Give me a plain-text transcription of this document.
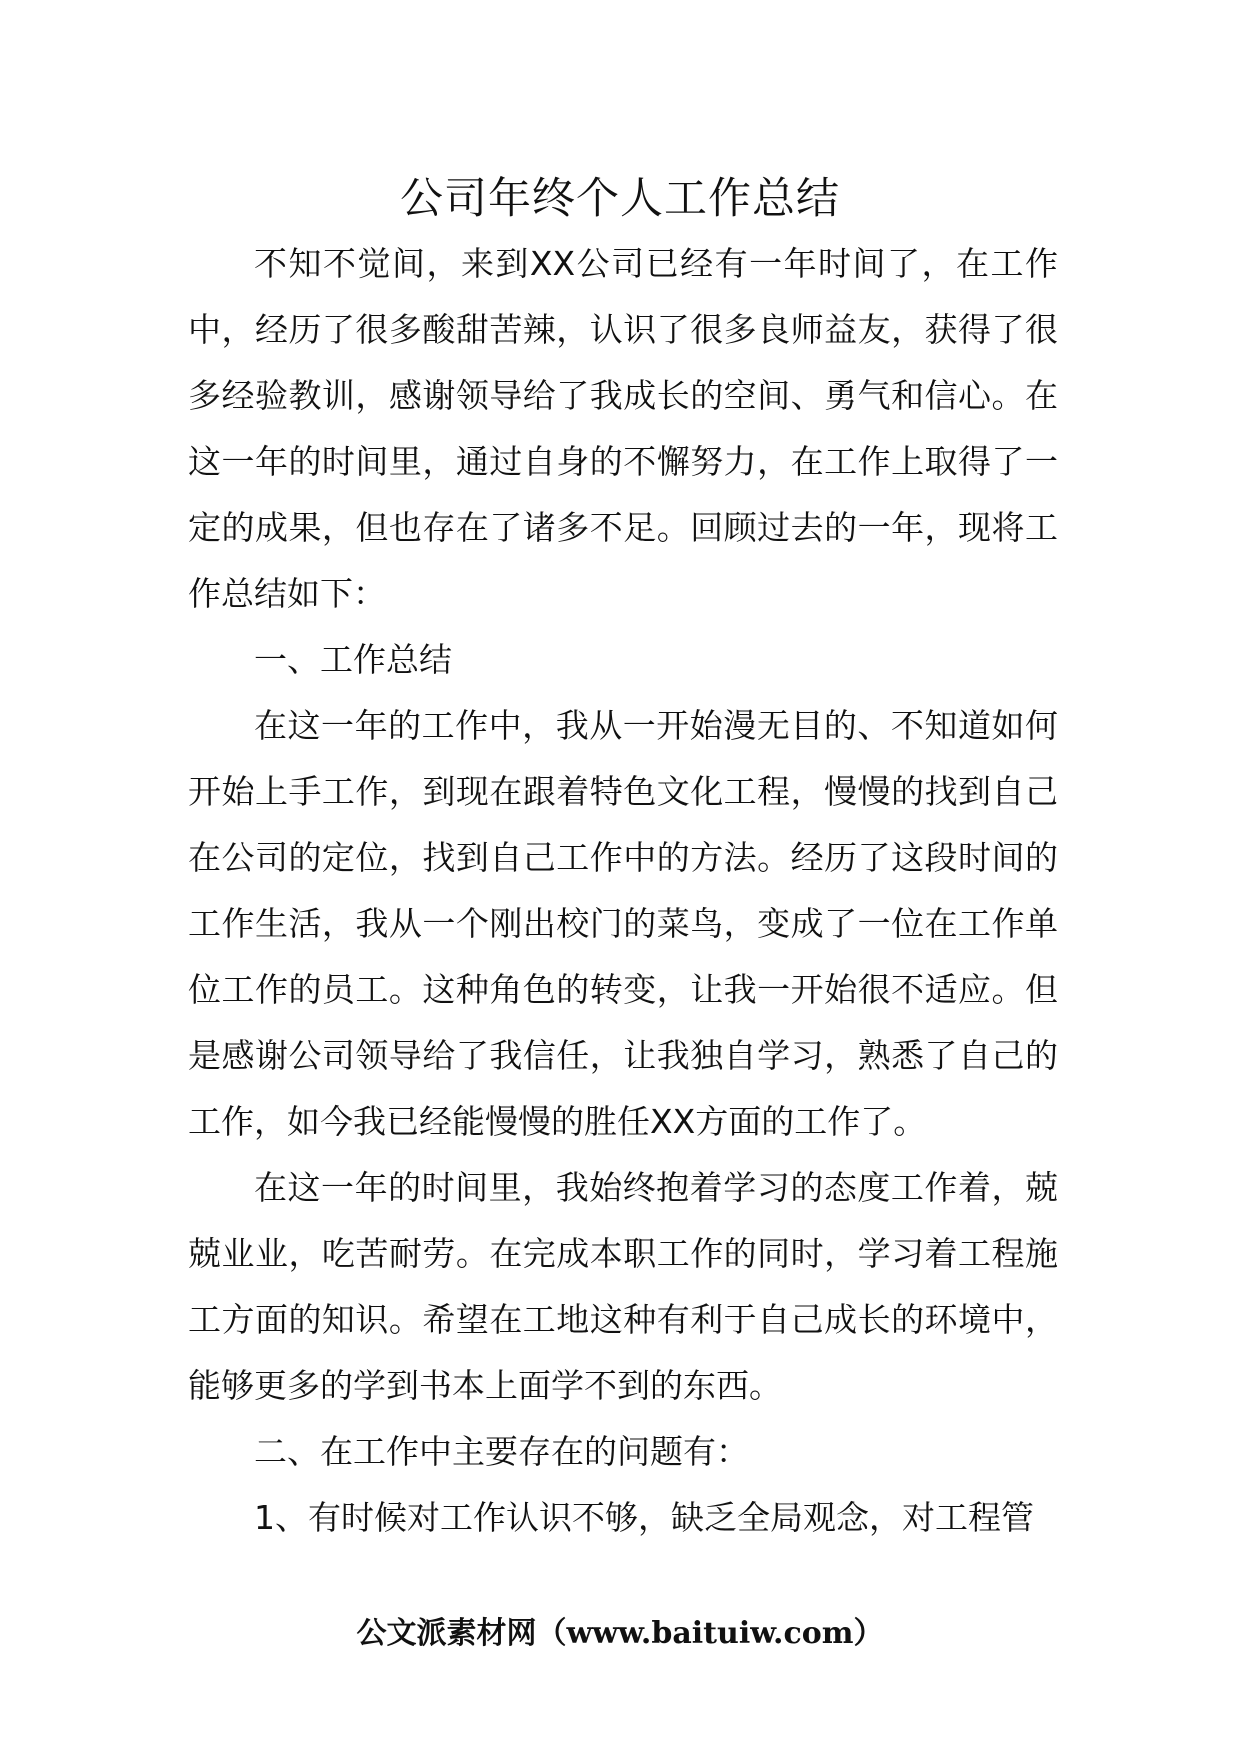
公司年终个人工作总结

不知不觉间，来到XX公司已经有一年时间了，在工作中，经历了很多酸甜苦辣，认识了很多良师益友，获得了很多经验教训，感谢领导给了我成长的空间、勇气和信心。在这一年的时间里，通过自身的不懈努力，在工作上取得了一定的成果，但也存在了诸多不足。回顾过去的一年，现将工作总结如下：

一、工作总结

在这一年的工作中，我从一开始漫无目的、不知道如何开始上手工作，到现在跟着特色文化工程，慢慢的找到自己在公司的定位，找到自己工作中的方法。经历了这段时间的工作生活，我从一个刚出校门的菜鸟，变成了一位在工作单位工作的员工。这种角色的转变，让我一开始很不适应。但是感谢公司领导给了我信任，让我独自学习，熟悉了自己的工作，如今我已经能慢慢的胜任XX方面的工作了。

在这一年的时间里，我始终抱着学习的态度工作着，兢兢业业，吃苦耐劳。在完成本职工作的同时，学习着工程施工方面的知识。希望在工地这种有利于自己成长的环境中，能够更多的学到书本上面学不到的东西。

二、在工作中主要存在的问题有：

1、有时候对工作认识不够，缺乏全局观念，对工程管

公文派素材网（www.baituiw.com）
